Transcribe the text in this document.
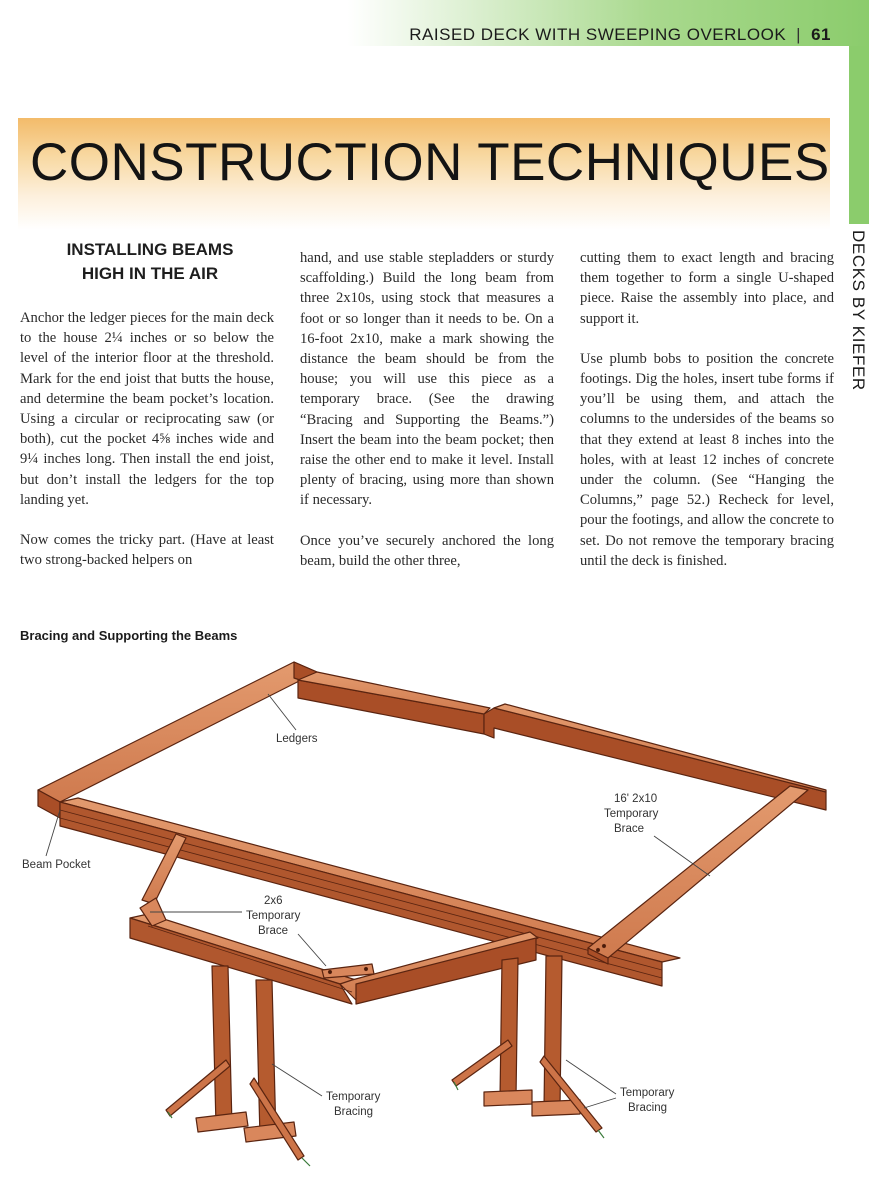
RAISED DECK WITH SWEEPING OVERLOOK | 61
DECKS BY KIEFER
CONSTRUCTION TECHNIQUES
INSTALLING BEAMS
HIGH IN THE AIR

Anchor the ledger pieces for the main deck to the house 2¼ inches or so below the level of the interior floor at the threshold. Mark for the end joist that butts the house, and determine the beam pocket’s location. Using a circular or reciprocating saw (or both), cut the pocket 4⅝ inches wide and 9¼ inches long. Then install the end joist, but don’t install the ledgers for the top landing yet.

Now comes the tricky part. (Have at least two strong-backed helpers on

hand, and use stable stepladders or sturdy scaffolding.) Build the long beam from three 2x10s, using stock that measures a foot or so longer than it needs to be. On a 16-foot 2x10, make a mark showing the distance the beam should be from the house; you will use this piece as a temporary brace. (See the drawing “Bracing and Supporting the Beams.”) Insert the beam into the beam pocket; then raise the other end to make it level. Install plenty of bracing, using more than shown if necessary.

Once you’ve securely anchored the long beam, build the other three,

cutting them to exact length and bracing them together to form a single U-shaped piece. Raise the assembly into place, and support it.

Use plumb bobs to position the concrete footings. Dig the holes, insert tube forms if you’ll be using them, and attach the columns to the undersides of the beams so that they extend at least 8 inches into the holes, with at least 12 inches of concrete under the column. (See “Hanging the Columns,” page 52.) Recheck for level, pour the footings, and allow the concrete to set. Do not remove the temporary bracing until the deck is finished.

Bracing and Supporting the Beams
Ledgers
16' 2x10
Temporary
Brace
Beam Pocket
2x6
Temporary
Brace
Temporary
Bracing
Temporary
Bracing
